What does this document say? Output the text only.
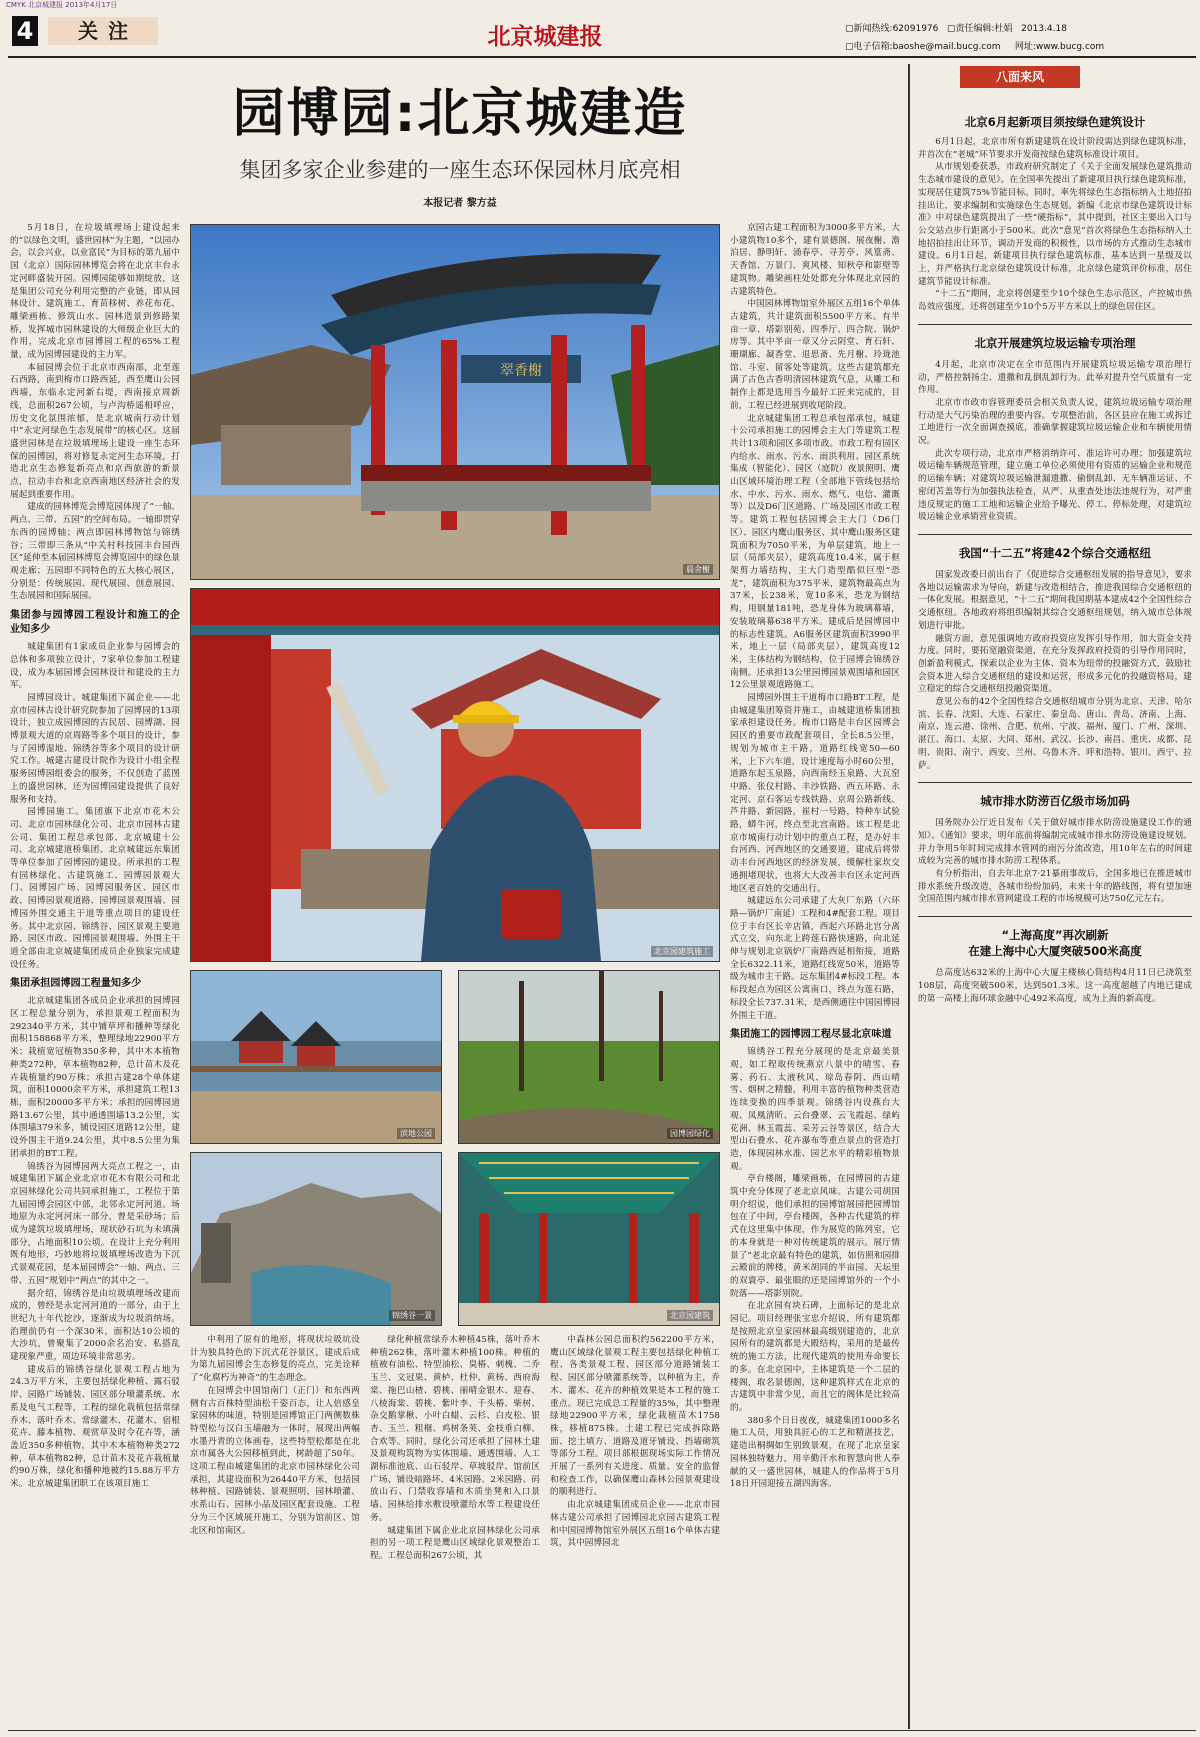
CMYK 北京城建报 2013年4月17日
4	关注	北京城建报	▢新闻热线:62091976 ▢责任编辑:杜娟 2013.4.18
▢电子信箱:baoshe@mail.bucg.com 网址:www.bucg.com
园博园:北京城建造
集团多家企业参建的一座生态环保园林月底亮相
本报记者 黎方益

5月18日，在垃圾填埋场上建设起来的“以绿色文明，盛世园林”为主题，“以园办会，以会兴业，以业富民”为目标的第九届中国（北京）国际园林博览会将在北京丰台永定河畔盛装开园。园博园能够如期绽放，这是集团公司充分利用完整的产业链，即从园林设计、建筑施工、育苗移树、养花布花、雕梁画栋、修筑山水、园林造景到修路架桥，发挥城市园林建设的大师级企业巨大的作用，完成北京市园博园工程的65%工程量，成为园博园建设的主力军。

本届园博会位于北京市西南部，北至莲石西路，南到梅市口路西延，西至鹰山公园西墙，东临永定河新右堤，西南接京周新线，总面积267公顷，与卢沟桥遥相呼应，历史文化氛围浓郁，是北京城南行动计划中“永定河绿色生态发展带”的核心区。这届盛世园林是在垃圾填埋场上建设一座生态环保的园博园，将对修复永定河生态环境，打造北京生态修复新亮点和京西旅游的新景点，拉动丰台和北京西南地区经济社会的发展起到重要作用。

建成的园林博览会博览园体现了“一轴、两点、三带、五园”的空间布局。一轴即贯穿东西的园博轴；两点即园林博物馆与锦绣谷；三带即三条从“中关村科技园丰台园西区”延伸至本届园林博览会博览园中的绿色景观走廊；五园即不同特色的五大核心展区，分别是：传统展园、现代展园、创意展园、生态展园和国际展园。

集团参与园博园工程设计和施工的企业知多少

城建集团有1家成员企业参与园博会的总体和多项独立设计，7家单位参加工程建设，成为本届园博会园林设计和建设的主力军。

园博园设计。城建集团下属企业——北京市园林古设计研究院参加了园博园的13项设计，独立成园博园的古民居、园博湖、园博景观大道的京周路等多个项目的设计，参与了园博湿地、锦绣谷等多个项目的设计研究工作。城建古建设计院作为设计小组全程服务园博园组委会的服务，不仅创造了蓝图上的盛世园林，还为园博园建设提供了良好服务和支持。

园博园施工。集团旗下北京市花木公司、北京市园林绿化公司、北京市园林古建公司、集团工程总承包部、北京城建十公司、北京城建道桥集团、北京城建远东集团等单位参加了园博园的建设。所承担的工程有园林绿化、古建筑施工、园博园景观大门、园博园广场、园博园服务区、园区市政、园博园景观道路、园博园景观围墙、园博园外围交通主干道等重点项目的建设任务。其中北京园、锦绣谷、园区景观主要道路、园区市政、园博园景观围墙、外围主干道全部由北京城建集团成员企业独家完成建设任务。

集团承担园博园工程量知多少

北京城建集团各成员企业承担的园博园区工程总量分别为，承担景观工程面积为292340平方米，其中铺草坪和播种等绿化面积158868平方米，整理绿地22900平方米；栽植宽冠植物350多种，其中木本植物种类272种，草本植物82种，总计苗木及花卉栽植量约90万株；承担古建28个单体建筑，面积10000余平方米，承担建筑工程13栋，面积20000多平方米；承担的园博园道路13.67公里，其中通透围墙13.2公里，实体围墙379米多，铺设园区道路12公里，建设外围主干道9.24公里，其中8.5公里为集团承担的BT工程。

锦绣谷为园博园两大亮点工程之一，由城建集团下属企业北京市花木有限公司和北京园林绿化公司共同承担施工，工程位于第九届园博会园区中部，北邻永定河河道。场地原为永定河河床一部分，曾是采砂场；后成为建筑垃圾填埋场，现状砂石坑为未填满部分，占地面积10公顷。在设计上充分利用既有地形，巧妙地将垃圾填埋场改造为下沉式景观花园，是本届园博会“一轴、两点、三带、五园”规划中“两点”的其中之一。

据介绍，锦绣谷是由垃圾填埋场改建而成的，曾经是永定河河道的一部分，由于上世纪九十年代挖沙，逐渐成为垃圾消纳场。治理前仍有一个深30米，面积达10公顷的大沙坑，曾聚集了2000余名治安、私搭乱建现象严重，周边环境非常恶劣。

建成后的锦绣谷绿化景观工程占地为24.3万平方米，主要包括绿化种植、露石驳岸、园路广场铺装、园区部分喷灌系统、水系及电气工程等，工程的绿化栽植包括常绿乔木、落叶乔木、常绿灌木、花灌木、宿根花卉、藤本植物、观赏草及时令花卉等，涵盖近350多种植物，其中木本植物种类272种，草本植物82种，总计苗木及花卉栽植量约90万株，绿化和播种地被约15.88万平方米。北京城建集团职工在该项目施工

翠香榭
晨舍榭
北京园建筑施工
滨地公园	园博园绿化
锦绣谷一景	北京园建筑

中利用了原有的地形，将现状垃圾坑设计为独具特色的下沉式花谷景区，建成后成为第九届园博会生态修复的亮点，完美诠释了“化腐朽为神奇”的生态理念。

在园博会中国馆南门（正门）和东西两侧有古百株特型油松千姿百态，让人倍感皇家园林的味道，特别是园博馆正门两侧数株特型松与汉白玉墙融为一体时，展现出两幅水墨丹青的立体画卷，这些特型松都是在北京市属各大公园移植到此，树龄超了50年。这项工程由城建集团的北京市园林绿化公司承担，其建设面积为26440平方米，包括园林种植、园路铺装、景观照明、园林喷灌、水系山石、园林小品及园区配套设施。工程分为三个区域展开施工，分别为馆前区、馆北区和馆南区。

绿化种植常绿乔木种植45株，落叶乔木种植262株，落叶灌木种植100株。种植的植被有油松、特型油松、臭椿、刺槐、二乔玉兰、文冠果、黄栌、杜仲、黄杨、西府海棠、拖巴山楂、碧桃、丽晴金银木、迎春、八棱海棠、碧桃、紫叶李、千头椿、柴树、杂交鹅掌楸、小叶白蜡、云杉、白皮松、银杏、玉兰、粗榧、鸡树条荚、金枝垂白柳、合欢等。同时，绿化公司还承担了园林土建及景观构筑物为实体围墙、通透围墙、人工湖标准池底、山石驳岸、草坡驳岸、馆前区广场、铺设暗路坏、4米园路、2米园路、码放山石、门禁收容墙和木质坐凳和入口景墙、园林给排水敷设喷灌给水等工程建设任务。

城建集团下属企业北京园林绿化公司承担的另一项工程是鹰山区域绿化景观整治工程。工程总面积267公顷，其

中森林公园总面积约562200平方米，鹰山区域绿化景观工程主要包括绿化种植工程、各类景观工程、园区部分道路铺装工程、园区部分喷灌系统等，以种植为主，乔木、灌木、花卉的种植效果是本工程的施工重点。现已完成总工程量的35%，其中整理绿地22900平方米，绿化栽植苗木1758株，移植875株。土建工程已完成拆除路面、挖土填方、道路及道牙铺设、挡墙砌筑等部分工程。项目部根据现场实际工作情况开展了一系列有关进度、质量、安全的监督和检查工作，以确保鹰山森林公园景观建设的顺利进行。

由北京城建集团成员企业——北京市园林古建公司承担了园博园北京园古建筑工程和中国园博物馆室外展区五组16个单体古建筑，其中园博园北

京园古建工程面积为3000多平方米，大小建筑物10多个，建有景德阁、展夜榭、澹泊居、静明轩、涌春亭、寻芳亭、风篁斋、天香馆、万景门、爽风楼、知秋亭和影壁等建筑物。雕梁画柱处处都充分体现北京园的古建筑特色。

中国园林博物馆室外展区五组16个单体古建筑，共计建筑面积5500平方米。有半亩一章、塔影别苑、四季厅、四合院、锅炉房等。其中半亩一章又分云阴堂、育石轩、珊瑚廊、凝香堂、退思斋、先月榭、玲珑池馆、斗室、留客处等建筑。这些古建筑都充满了古色古香明清园林建筑气息，从雕工和制作上都是选用当今最好工匠来完成的，目前，工程已经进展到收尾阶段。

北京城建集团工程总承包部承包，城建十公司承担施工的园博会主大门等建筑工程共计13项和园区多项市政。市政工程有园区内给水、雨水、污水、雨洪利用、园区系统集成（智能化）、园区（庭院）夜景照明、鹰山区域环境治理工程（全部地下管线包括给水、中水、污水、雨水、燃气、电信、灌溉等）以及D6门区道路、广场及园区市政工程等。建筑工程包括园博会主大门（D6门区）、园区内鹰山服务区、其中鹰山服务区建筑面积为7050平米，为单层建筑，地上一层（局部夹层），建筑高度10.4米，属于框架剪力墙结构，主大门造型酷似巨型“恐龙”，建筑面积为375平米，建筑物最高点为37米，长238米，宽10多米，恐龙为钢结构，用钢量181吨，恐龙身体为玻璃幕墙，安装玻璃幕638平方米。建成后是园博园中的标志性建筑。A6服务区建筑面积3990平米，地上一层（局部夹层），建筑高度12米，主体结构为钢结构，位于园博会锦绣谷南侧。还承担13公里园博园景观围墙和园区12公里景观道路施工。

园博园外围主干道梅市口路BT工程，是由城建集团筹资并施工，由城建道桥集团独家承担建设任务。梅市口路是丰台区园博会园区的重要市政配套项目，全长8.5公里，规划为城市主干路，道路红线宽50—60米，上下六车道，设计速度每小时60公里，道路东起玉泉路，向西南经玉泉路、大瓦窑中路、张仪村路、丰沙铁路、西五环路、永定河、京石客运专线铁路、京周公路新线、芦井路、新园路，崔村一号路，特种车试验路，蟒牛河，终点至北宫南路。该工程是北京市城南行动计划中的重点工程，是办好丰台河西、河西地区的交通要道，建成后将带动丰台河西地区的经济发展，缓解杜家坎交通拥堵现状，也将大大改善丰台区永定河西地区老百姓的交通出行。

城建远东公司承建了大灰厂东路（六环路—锅炉厂南延）工程和4#配套工程。项目位于丰台区长辛店镇，西起六环路北宫分离式立交，向东北上跨莲石路快速路，向北延伸与规划北京锅炉厂南路西延相衔接，道路全长6322.11米，道路红线宽50米，道路等级为城市主干路。远东集团4#标段工程。本标段起点为园区公寓南口，终点为莲石路，标段全长737.31米，是西侧通往中国园博园外围主干道。

集团施工的园博园工程尽显北京味道

锦绣谷工程充分展现的是北京最美景观，如工程取传统燕京八景中的晴雪、春雾、药石、太液秋风、琼岛春阴、西山晴雪、烟树之精髓，利用丰富的植物种类营造连续变换的四季景观。锦绣谷内设燕台大观、凤凰清昕、云台叠翠、云飞霞起、绿屿花洲、林玉霞蕊、采芳云谷等景区，结合大型山石叠水、花卉瀑布等重点景点的营造打造，体现园林水准、园艺水平的精彩植物景观。

亭台楼阁，雕梁画栋，在园博园的古建筑中充分体现了老北京风味。古建公司胡国明介绍说，他们承担的园博馆展园把园博馆包在了中间，亭台楼阁，各种古代建筑的样式在这里集中体现，作为展览的陈列室，它的本身就是一种对传统建筑的展示。展厅情景了“老北京最有特色的建筑，如仿照和园排云殿前的牌楼，黄米胡同的半亩园、天坛里的双寰亭、最张眼的还是园博馆外的一个小院落——塔影别院。

在北京园有块石碑，上面标记的是北京园记。项目经理张宝忠介绍说，所有建筑都是按照北京皇家园林最高级别建造的，北京园所有的建筑都是大殿结构，采用的是最传统的施工方法，比现代建筑的使用寿命要长的多。在北京园中，主体建筑是一个二层的楼阁，取名景德阁，这种建筑样式在北京的古建筑中非常少见，而且它的阁体是比较高的。

380多个日日夜夜，城建集团1000多名施工人员，用独具匠心的工艺和精湛技艺，建造出桐绸如生别致景观，在现了北京皇家园林独特魅力，用辛勤汗水和智慧向世人奉献的又一盛世园林，城建人的作品将于5月18日开园迎接五湖四海客。

八面来风
北京6月起新项目须按绿色建筑设计

6月1日起，北京市所有新建建筑在设计阶段需达到绿色建筑标准，并首次在“老城”环节要求开发商按绿色建筑标准设计项目。

从市规划委获悉，市政府研究制定了《关于全面发展绿色建筑推动生态城市建设的意见》。在全国率先提出了新建项目执行绿色建筑标准，实现居住建筑75%节能目标。同时，率先将绿色生态指标纳入土地招拍挂出让，要求编制和实施绿色生态规划。新编《北京市绿色建筑设计标准》中对绿色建筑提出了一些“硬指标”，其中提到，社区主要出入口与公交站点步行距离小于500米。此次“意见”首次将绿色生态指标纳入土地招拍挂出让环节，调动开发商的积极性，以市场的方式推动生态城市建设。6月1日起，新建项目执行绿色建筑标准，基本达到一星级及以上，并严格执行北京绿色建筑设计标准，北京绿色建筑评价标准，居住建筑节能设计标准。

“十二五”期间，北京将创建至少10个绿色生态示范区，产控城市热岛效应强度，还将创建至少10个5万平方米以上的绿色居住区。

北京开展建筑垃圾运输专项治理

4月起，北京市决定在全市范围内开展建筑垃圾运输专项治理行动，严格控制扬尘、遗撒和乱倒乱卸行为。此举对提升空气质量有一定作用。

北京市市政市容管理委员会相关负责人说，建筑垃圾运输专项治理行动是大气污染治理的重要内容。专项整治前，各区县应在施工或拆迁工地进行一次全面调查摸底，准确掌握建筑垃圾运输企业和车辆使用情况。

此次专项行动，北京市严格消纳许可、准运许可办理；加强建筑垃圾运输车辆规范管理，建立施工单位必须使用有资质的运输企业和规范的运输车辆；对建筑垃圾运输泄漏遗撒、偷倒乱卸、无车辆准运证、不密闭苫盖等行为加强执法检查，从严、从重查处违法违规行为，对严重违反规定的施工工地和运输企业给予曝光、停工、停标处理，对建筑垃圾运输企业承销营业资质。

我国“十二五”将建42个综合交通枢纽

国家发改委日前出台了《促进综合交通枢纽发展的指导意见》，要求各地以运输需求为导向，新建与改造相结合，推进我国综合交通枢纽的一体化发展。根据意见，“十二五”期间我国期基本建成42个全国性综合交通枢纽。各地政府将组织编制其综合交通枢纽规划，纳入城市总体规划进行审批。

融资方面，意见强调地方政府投资应发挥引导作用，加大资金支持力度。同时，要拓宽融资渠道，在充分发挥政府投资的引导作用同时，创新盈利模式，探索以企业为主体、资本为纽带的投融资方式，鼓励社会资本进入综合交通枢纽的建设和运营，形成多元化的投融资格局，建立稳定的综合交通枢纽投融资渠道。

意见公布的42个全国性综合交通枢纽城市分别为北京、天津、哈尔滨、长春、沈阳、大连、石家庄、秦皇岛、唐山、青岛、济南、上海、南京、连云港、徐州、合肥、杭州、宁波、福州、厦门、广州、深圳、湛江、海口、太原、大同、郑州、武汉、长沙、南昌、重庆、成都、昆明、贵阳、南宁、西安、兰州、乌鲁木齐、呼和浩特、银川、西宁、拉萨。

城市排水防涝百亿级市场加码

国务院办公厅近日发布《关于做好城市排水防涝设施建设工作的通知》。《通知》要求，明年底前将编制完成城市排水防涝设施建设规划。并力争用5年时间完成排水管网的雨污分流改造，用10年左右的时间建成较为完善的城市排水防涝工程体系。

有分析指出，自去年北京7·21暴雨事故后，全国多地已在推进城市排水系统升级改造，各城市纷纷加码，未来十年的路线图，将有望加速全国范围内城市排水管网建设工程的市场规模可达750亿元左右。

“上海高度”再次刷新
在建上海中心大厦突破500米高度

总高度达632米的上海中心大厦主楼核心筒结构4月11日已浇筑至108层，高度突破500米，达到501.3米。这一高度超越了内地已建成的第一高楼上海环球金融中心492米高度，成为上海的新高度。
